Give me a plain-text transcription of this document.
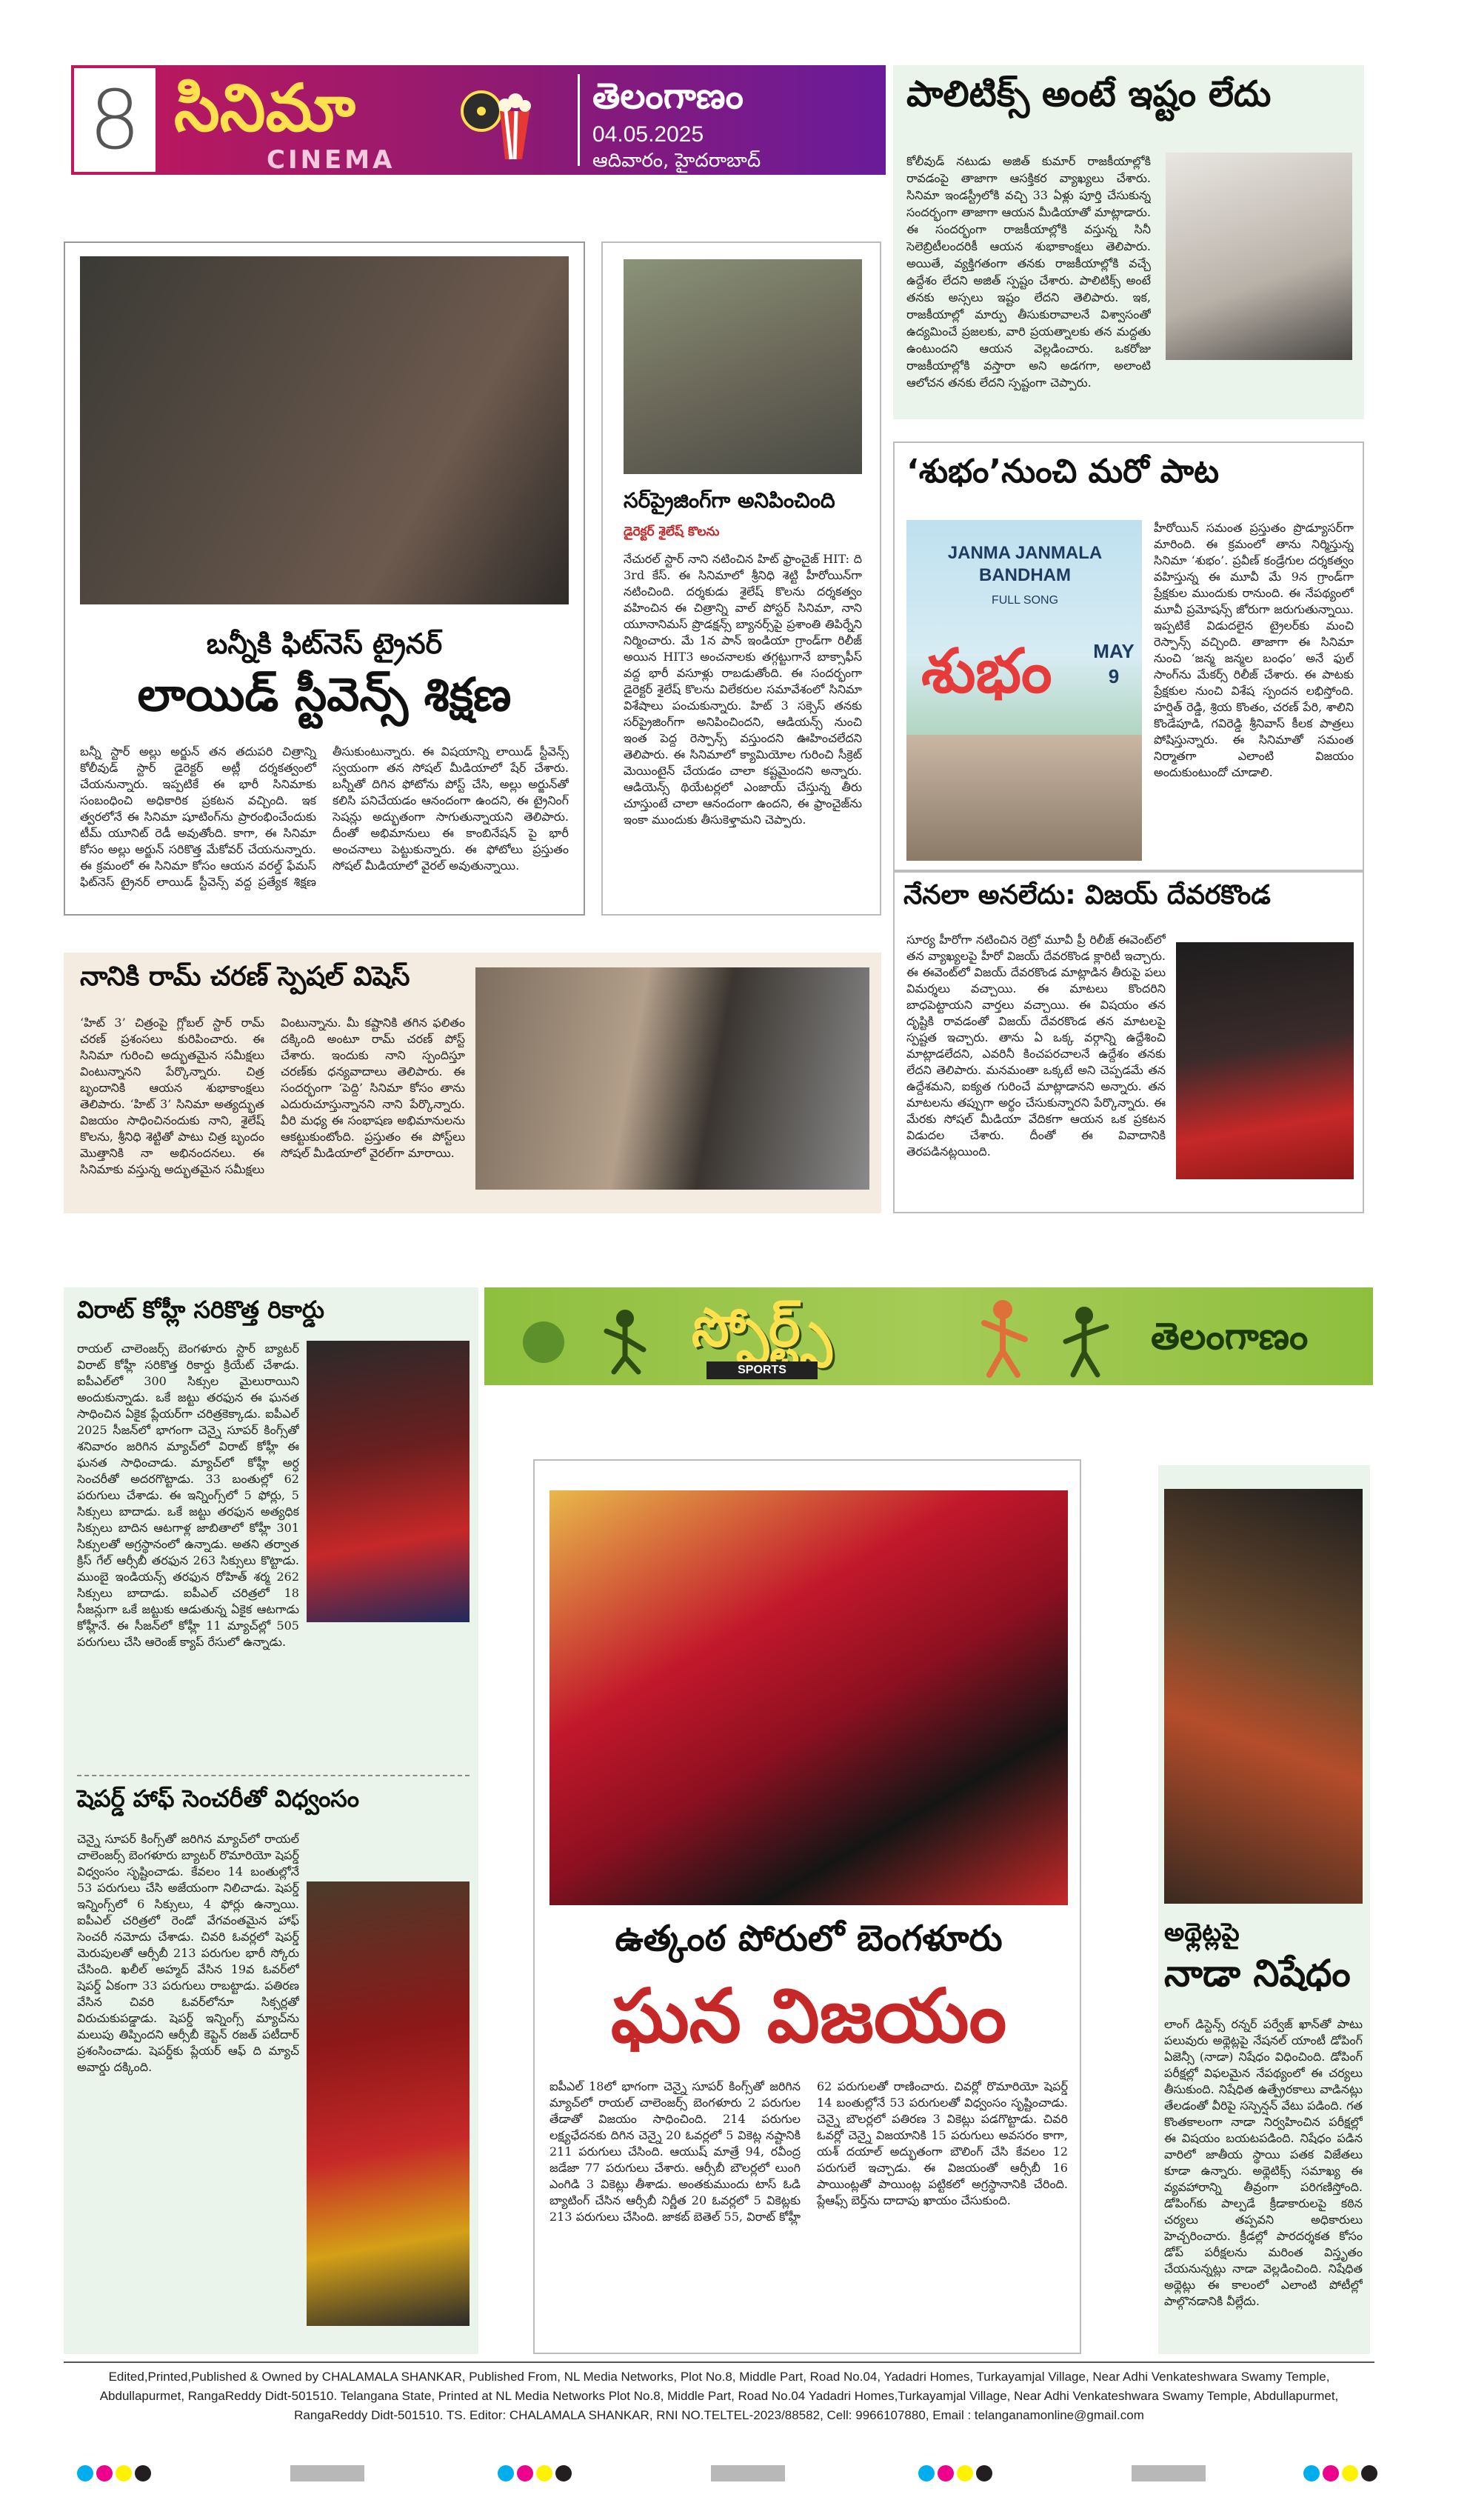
8 సినిమా
CINEMA
తెలంగాణం
04.05.2025
ఆదివారం, హైదరాబాద్
పాలిటిక్స్ అంటే ఇష్టం లేదు
కోలీవుడ్ నటుడు అజిత్ కుమార్ రాజకీయాల్లోకి రావడంపై తాజాగా ఆసక్తికర వ్యాఖ్యలు చేశారు. సినిమా ఇండస్ట్రీలోకి వచ్చి 33 ఏళ్లు పూర్తి చేసుకున్న సందర్భంగా తాజాగా ఆయన మీడియాతో మాట్లాడారు. ఈ సందర్భంగా రాజకీయాల్లోకి వస్తున్న సినీ సెలెబ్రిటీలందరికీ ఆయన శుభాకాంక్షలు తెలిపారు. అయితే, వ్యక్తిగతంగా తనకు రాజకీయాల్లోకి వచ్చే ఉద్దేశం లేదని అజిత్ స్పష్టం చేశారు. పాలిటిక్స్ అంటే తనకు అస్సలు ఇష్టం లేదని తెలిపారు. ఇక, రాజకీయాల్లో మార్పు తీసుకురావాలనే విశ్వాసంతో ఉద్యమించే ప్రజలకు, వారి ప్రయత్నాలకు తన మద్దతు ఉంటుందని ఆయన వెల్లడించారు. ఒకరోజు రాజకీయాల్లోకి వస్తారా అని అడగగా, అలాంటి ఆలోచన తనకు లేదని స్పష్టంగా చెప్పారు.
బన్నీకి ఫిట్‌నెస్ ట్రైనర్
లాయిడ్ స్టీవెన్స్ శిక్షణ
బన్నీ స్టార్ అల్లు అర్జున్ తన తదుపరి చిత్రాన్ని కోలీవుడ్ స్టార్ డైరెక్టర్ అట్లీ దర్శకత్వంలో చేయనున్నారు. ఇప్పటికే ఈ భారీ సినిమాకు సంబంధించి అధికారిక ప్రకటన వచ్చింది. ఇక త్వరలోనే ఈ సినిమా షూటింగ్‌ను ప్రారంభించేందుకు టీమ్ యూనిట్ రెడీ అవుతోంది. కాగా, ఈ సినిమా కోసం అల్లు అర్జున్ సరికొత్త మేకోవర్ చేయనున్నారు. ఈ క్రమంలో ఈ సినిమా కోసం ఆయన వరల్డ్ ఫేమస్ ఫిట్‌నెస్ ట్రైనర్ లాయిడ్ స్టీవెన్స్ వద్ద ప్రత్యేక శిక్షణ తీసుకుంటున్నారు. ఈ విషయాన్ని లాయిడ్ స్టీవెన్స్ స్వయంగా తన సోషల్ మీడియాలో షేర్ చేశారు. బన్నీతో దిగిన ఫోటోను పోస్ట్ చేసి, అల్లు అర్జున్‌తో కలిసి పనిచేయడం ఆనందంగా ఉందని, ఈ ట్రైనింగ్ సెషన్లు అద్భుతంగా సాగుతున్నాయని తెలిపారు. దీంతో అభిమానులు ఈ కాంబినేషన్ పై భారీ అంచనాలు పెట్టుకున్నారు. ఈ ఫోటోలు ప్రస్తుతం సోషల్ మీడియాలో వైరల్ అవుతున్నాయి.
సర్‌ప్రైజింగ్‌గా అనిపించింది
డైరెక్టర్ శైలేష్ కొలను
నేచురల్ స్టార్ నాని నటించిన హిట్ ఫ్రాంచైజ్ HIT: ది 3rd కేస్. ఈ సినిమాలో శ్రీనిధి శెట్టి హీరోయిన్‌గా నటించింది. దర్శకుడు శైలేష్ కొలను దర్శకత్వం వహించిన ఈ చిత్రాన్ని వాల్ పోస్టర్ సినిమా, నాని యూనానిమస్ ప్రొడక్షన్స్ బ్యానర్స్‌పై ప్రశాంతి తిపిర్నేని నిర్మించారు. మే 1న పాన్ ఇండియా గ్రాండ్‌గా రిలీజ్ అయిన HIT3 అంచనాలకు తగ్గట్టుగానే బాక్సాఫీస్ వద్ద భారీ వసూళ్లు రాబడుతోంది. ఈ సందర్భంగా డైరెక్టర్ శైలేష్ కొలను విలేకరుల సమావేశంలో సినిమా విశేషాలు పంచుకున్నారు. హిట్ 3 సక్సెస్ తనకు సర్‌ప్రైజింగ్‌గా అనిపించిందని, ఆడియన్స్ నుంచి ఇంత పెద్ద రెస్పాన్స్ వస్తుందని ఊహించలేదని తెలిపారు. ఈ సినిమాలో క్యామియోల గురించి సీక్రెట్ మెయింటైన్ చేయడం చాలా కష్టమైందని అన్నారు. ఆడియెన్స్ థియేటర్లలో ఎంజాయ్ చేస్తున్న తీరు చూస్తుంటే చాలా ఆనందంగా ఉందని, ఈ ఫ్రాంచైజ్‌ను ఇంకా ముందుకు తీసుకెళ్తామని చెప్పారు.
‘శుభం’నుంచి మరో పాట
JANMA JANMALA BANDHAM
FULL SONG
శుభం	MAY 9
హీరోయిన్ సమంత ప్రస్తుతం ప్రొడ్యూసర్‌గా మారింది. ఈ క్రమంలో తాను నిర్మిస్తున్న సినిమా ‘శుభం’. ప్రవీణ్ కండ్రేగుల దర్శకత్వం వహిస్తున్న ఈ మూవీ మే 9న గ్రాండ్‌గా ప్రేక్షకుల ముందుకు రానుంది. ఈ నేపథ్యంలో మూవీ ప్రమోషన్స్ జోరుగా జరుగుతున్నాయి. ఇప్పటికే విడుదలైన ట్రైలర్‌కు మంచి రెస్పాన్స్ వచ్చింది. తాజాగా ఈ సినిమా నుంచి ‘జన్మ జన్మల బంధం’ అనే ఫుల్ సాంగ్‌ను మేకర్స్ రిలీజ్ చేశారు. ఈ పాటకు ప్రేక్షకుల నుంచి విశేష స్పందన లభిస్తోంది. హర్షిత్ రెడ్డి, శ్రియ కొంతం, చరణ్ పేరి, శాలిని కొండేపూడి, గవిరెడ్డి శ్రీనివాస్ కీలక పాత్రలు పోషిస్తున్నారు. ఈ సినిమాతో సమంత నిర్మాతగా ఎలాంటి విజయం అందుకుంటుందో చూడాలి.
నానికి రామ్ చరణ్ స్పెషల్ విషెస్
‘హిట్ 3’ చిత్రంపై గ్లోబల్ స్టార్ రామ్ చరణ్ ప్రశంసలు కురిపించారు. ఈ సినిమా గురించి అద్భుతమైన సమీక్షలు వింటున్నానని పేర్కొన్నారు. చిత్ర బృందానికి ఆయన శుభాకాంక్షలు తెలిపారు. ‘హిట్ 3’ సినిమా అత్యద్భుత విజయం సాధించినందుకు నాని, శైలేష్ కొలను, శ్రీనిధి శెట్టితో పాటు చిత్ర బృందం మొత్తానికి నా అభినందనలు. ఈ సినిమాకు వస్తున్న అద్భుతమైన సమీక్షలు వింటున్నాను. మీ కష్టానికి తగిన ఫలితం దక్కింది అంటూ రామ్ చరణ్ పోస్ట్ చేశారు. ఇందుకు నాని స్పందిస్తూ చరణ్‌కు ధన్యవాదాలు తెలిపారు. ఈ సందర్భంగా ‘పెద్ది’ సినిమా కోసం తాను ఎదురుచూస్తున్నానని నాని పేర్కొన్నారు. వీరి మధ్య ఈ సంభాషణ అభిమానులను ఆకట్టుకుంటోంది. ప్రస్తుతం ఈ పోస్ట్‌లు సోషల్ మీడియాలో వైరల్‌గా మారాయి.
నేనలా అనలేదు: విజయ్ దేవరకొండ
సూర్య హీరోగా నటించిన రెట్రో మూవీ ప్రీ రిలీజ్ ఈవెంట్‌లో తన వ్యాఖ్యలపై హీరో విజయ్ దేవరకొండ క్లారిటీ ఇచ్చారు. ఈ ఈవెంట్‌లో విజయ్ దేవరకొండ మాట్లాడిన తీరుపై పలు విమర్శలు వచ్చాయి. ఈ మాటలు కొందరిని బాధపెట్టాయని వార్తలు వచ్చాయి. ఈ విషయం తన దృష్టికి రావడంతో విజయ్ దేవరకొండ తన మాటలపై స్పష్టత ఇచ్చారు. తాను ఏ ఒక్క వర్గాన్ని ఉద్దేశించి మాట్లాడలేదని, ఎవరినీ కించపరచాలనే ఉద్దేశం తనకు లేదని తెలిపారు. మనమంతా ఒక్కటే అని చెప్పడమే తన ఉద్దేశమని, ఐక్యత గురించే మాట్లాడానని అన్నారు. తన మాటలను తప్పుగా అర్థం చేసుకున్నారని పేర్కొన్నారు. ఈ మేరకు సోషల్ మీడియా వేదికగా ఆయన ఒక ప్రకటన విడుదల చేశారు. దీంతో ఈ వివాదానికి తెరపడినట్లయింది.
స్పోర్ట్స్
SPORTS
తెలంగాణం
విరాట్ కోహ్లీ సరికొత్త రికార్డు
రాయల్ చాలెంజర్స్ బెంగళూరు స్టార్ బ్యాటర్ విరాట్ కోహ్లీ సరికొత్త రికార్డు క్రియేట్ చేశాడు. ఐపీఎల్‌లో 300 సిక్సుల మైలురాయిని అందుకున్నాడు. ఒకే జట్టు తరఫున ఈ ఘనత సాధించిన ఏకైక ప్లేయర్‌గా చరిత్రకెక్కాడు. ఐపీఎల్ 2025 సీజన్‌లో భాగంగా చెన్నై సూపర్ కింగ్స్‌తో శనివారం జరిగిన మ్యాచ్‌లో విరాట్ కోహ్లీ ఈ ఘనత సాధించాడు. మ్యాచ్‌లో కోహ్లీ అర్ధ సెంచరీతో అదరగొట్టాడు. 33 బంతుల్లో 62 పరుగులు చేశాడు. ఈ ఇన్నింగ్స్‌లో 5 ఫోర్లు, 5 సిక్సులు బాదాడు. ఒకే జట్టు తరఫున అత్యధిక సిక్సులు బాదిన ఆటగాళ్ల జాబితాలో కోహ్లీ 301 సిక్సులతో అగ్రస్థానంలో ఉన్నాడు. అతని తర్వాత క్రిస్ గేల్ ఆర్సీబీ తరఫున 263 సిక్సులు కొట్టాడు. ముంబై ఇండియన్స్ తరఫున రోహిత్ శర్మ 262 సిక్సులు బాదాడు. ఐపీఎల్ చరిత్రలో 18 సీజన్లుగా ఒకే జట్టుకు ఆడుతున్న ఏకైక ఆటగాడు కోహ్లీనే. ఈ సీజన్‌లో కోహ్లీ 11 మ్యాచ్‌ల్లో 505 పరుగులు చేసి ఆరెంజ్ క్యాప్ రేసులో ఉన్నాడు.
షెపర్డ్ హాఫ్ సెంచరీతో విధ్వంసం
చెన్నై సూపర్ కింగ్స్‌తో జరిగిన మ్యాచ్‌లో రాయల్ చాలెంజర్స్ బెంగళూరు బ్యాటర్ రొమారియో షెపర్డ్ విధ్వంసం సృష్టించాడు. కేవలం 14 బంతుల్లోనే 53 పరుగులు చేసి అజేయంగా నిలిచాడు. షెపర్డ్ ఇన్నింగ్స్‌లో 6 సిక్సులు, 4 ఫోర్లు ఉన్నాయి. ఐపీఎల్ చరిత్రలో రెండో వేగవంతమైన హాఫ్ సెంచరీ నమోదు చేశాడు. చివరి ఓవర్లలో షెపర్డ్ మెరుపులతో ఆర్సీబీ 213 పరుగుల భారీ స్కోరు చేసింది. ఖలీల్ అహ్మద్ వేసిన 19వ ఓవర్‌లో షెపర్డ్ ఏకంగా 33 పరుగులు రాబట్టాడు. పతిరణ వేసిన చివరి ఓవర్‌లోనూ సిక్సర్లతో విరుచుకుపడ్డాడు. షెపర్డ్ ఇన్నింగ్స్ మ్యాచ్‌ను మలుపు తిప్పిందని ఆర్సీబీ కెప్టెన్ రజత్ పటీదార్ ప్రశంసించాడు. షెపర్డ్‌కు ప్లేయర్ ఆఫ్ ది మ్యాచ్ అవార్డు దక్కింది.
ఉత్కంఠ పోరులో బెంగళూరు
ఘన విజయం
ఐపీఎల్ 18లో భాగంగా చెన్నై సూపర్ కింగ్స్‌తో జరిగిన మ్యాచ్‌లో రాయల్ చాలెంజర్స్ బెంగళూరు 2 పరుగుల తేడాతో విజయం సాధించింది. 214 పరుగుల లక్ష్యఛేదనకు దిగిన చెన్నై 20 ఓవర్లలో 5 వికెట్ల నష్టానికి 211 పరుగులు చేసింది. ఆయుష్ మాత్రే 94, రవీంద్ర జడేజా 77 పరుగులు చేశారు. ఆర్సీబీ బౌలర్లలో లుంగి ఎంగిడి 3 వికెట్లు తీశాడు. అంతకుముందు టాస్ ఓడి బ్యాటింగ్ చేసిన ఆర్సీబీ నిర్ణీత 20 ఓవర్లలో 5 వికెట్లకు 213 పరుగులు చేసింది. జాకబ్ బెతెల్ 55, విరాట్ కోహ్లీ 62 పరుగులతో రాణించారు. చివర్లో రొమారియో షెపర్డ్ 14 బంతుల్లోనే 53 పరుగులతో విధ్వంసం సృష్టించాడు. చెన్నై బౌలర్లలో పతిరణ 3 వికెట్లు పడగొట్టాడు. చివరి ఓవర్లో చెన్నై విజయానికి 15 పరుగులు అవసరం కాగా, యశ్ దయాల్ అద్భుతంగా బౌలింగ్ చేసి కేవలం 12 పరుగులే ఇచ్చాడు. ఈ విజయంతో ఆర్సీబీ 16 పాయింట్లతో పాయింట్ల పట్టికలో అగ్రస్థానానికి చేరింది. ప్లేఆఫ్స్ బెర్త్‌ను దాదాపు ఖాయం చేసుకుంది.
అథ్లెట్లపై
నాడా నిషేధం
లాంగ్ డిస్టెన్స్ రన్నర్ పర్వేజ్ ఖాన్‌తో పాటు పలువురు అథ్లెట్లపై నేషనల్ యాంటీ డోపింగ్ ఏజెన్సీ (నాడా) నిషేధం విధించింది. డోపింగ్ పరీక్షల్లో విఫలమైన నేపథ్యంలో ఈ చర్యలు తీసుకుంది. నిషేధిత ఉత్ప్రేరకాలు వాడినట్లు తేలడంతో వీరిపై సస్పెన్షన్ వేటు పడింది. గత కొంతకాలంగా నాడా నిర్వహించిన పరీక్షల్లో ఈ విషయం బయటపడింది. నిషేధం పడిన వారిలో జాతీయ స్థాయి పతక విజేతలు కూడా ఉన్నారు. అథ్లెటిక్స్ సమాఖ్య ఈ వ్యవహారాన్ని తీవ్రంగా పరిగణిస్తోంది. డోపింగ్‌కు పాల్పడే క్రీడాకారులపై కఠిన చర్యలు తప్పవని అధికారులు హెచ్చరించారు. క్రీడల్లో పారదర్శకత కోసం డోప్ పరీక్షలను మరింత విస్తృతం చేయనున్నట్లు నాడా వెల్లడించింది. నిషేధిత అథ్లెట్లు ఈ కాలంలో ఎలాంటి పోటీల్లో పాల్గొనడానికి వీల్లేదు.
Edited,Printed,Published & Owned by CHALAMALA SHANKAR, Published From, NL Media Networks, Plot No.8, Middle Part, Road No.04, Yadadri Homes, Turkayamjal Village, Near Adhi Venkateshwara Swamy Temple,
Abdullapurmet, RangaReddy Didt-501510. Telangana State, Printed at NL Media Networks Plot No.8, Middle Part, Road No.04 Yadadri Homes,Turkayamjal Village, Near Adhi Venkateshwara Swamy Temple, Abdullapurmet,
RangaReddy Didt-501510. TS. Editor: CHALAMALA SHANKAR, RNI NO.TELTEL-2023/88582, Cell: 9966107880, Email : telanganamonline@gmail.com
